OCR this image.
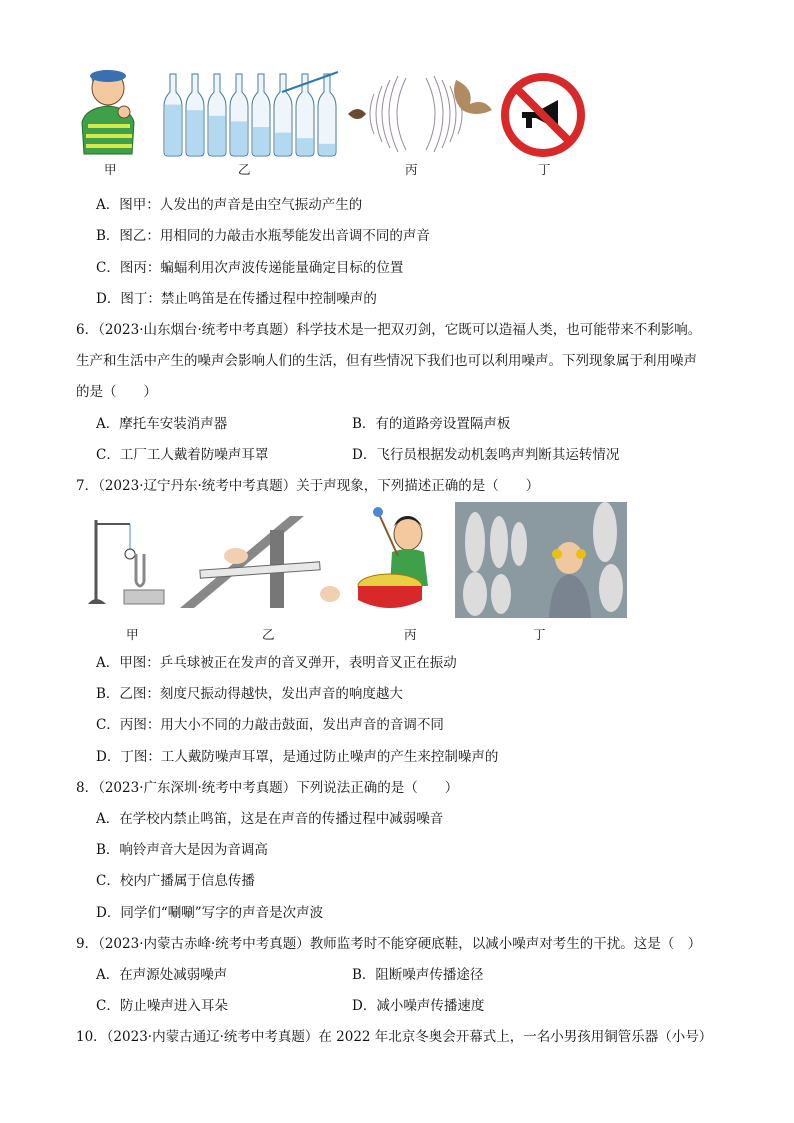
甲	乙	丙	丁
A．图甲：人发出的声音是由空气振动产生的
B．图乙：用相同的力敲击水瓶琴能发出音调不同的声音
C．图丙：蝙蝠利用次声波传递能量确定目标的位置
D．图丁：禁止鸣笛是在传播过程中控制噪声的
6．（2023·山东烟台·统考中考真题）科学技术是一把双刃剑，它既可以造福人类，也可能带来不利影响。
生产和生活中产生的噪声会影响人们的生活，但有些情况下我们也可以利用噪声。下列现象属于利用噪声
的是（　　）
A．摩托车安装消声器	B．有的道路旁设置隔声板
C．工厂工人戴着防噪声耳罩	D．飞行员根据发动机轰鸣声判断其运转情况
7．（2023·辽宁丹东·统考中考真题）关于声现象，下列描述正确的是（　　）
甲	乙	丙	丁
A．甲图：乒乓球被正在发声的音叉弹开，表明音叉正在振动
B．乙图：刻度尺振动得越快，发出声音的响度越大
C．丙图：用大小不同的力敲击鼓面，发出声音的音调不同
D．丁图：工人戴防噪声耳罩，是通过防止噪声的产生来控制噪声的
8．（2023·广东深圳·统考中考真题）下列说法正确的是（　　）
A．在学校内禁止鸣笛，这是在声音的传播过程中减弱噪音
B．响铃声音大是因为音调高
C．校内广播属于信息传播
D．同学们“唰唰”写字的声音是次声波
9．（2023·内蒙古赤峰·统考中考真题）教师监考时不能穿硬底鞋，以减小噪声对考生的干扰。这是（　）
A．在声源处减弱噪声	B．阻断噪声传播途径
C．防止噪声进入耳朵	D．减小噪声传播速度
10．（2023·内蒙古通辽·统考中考真题）在 2022 年北京冬奥会开幕式上，一名小男孩用铜管乐器（小号）
